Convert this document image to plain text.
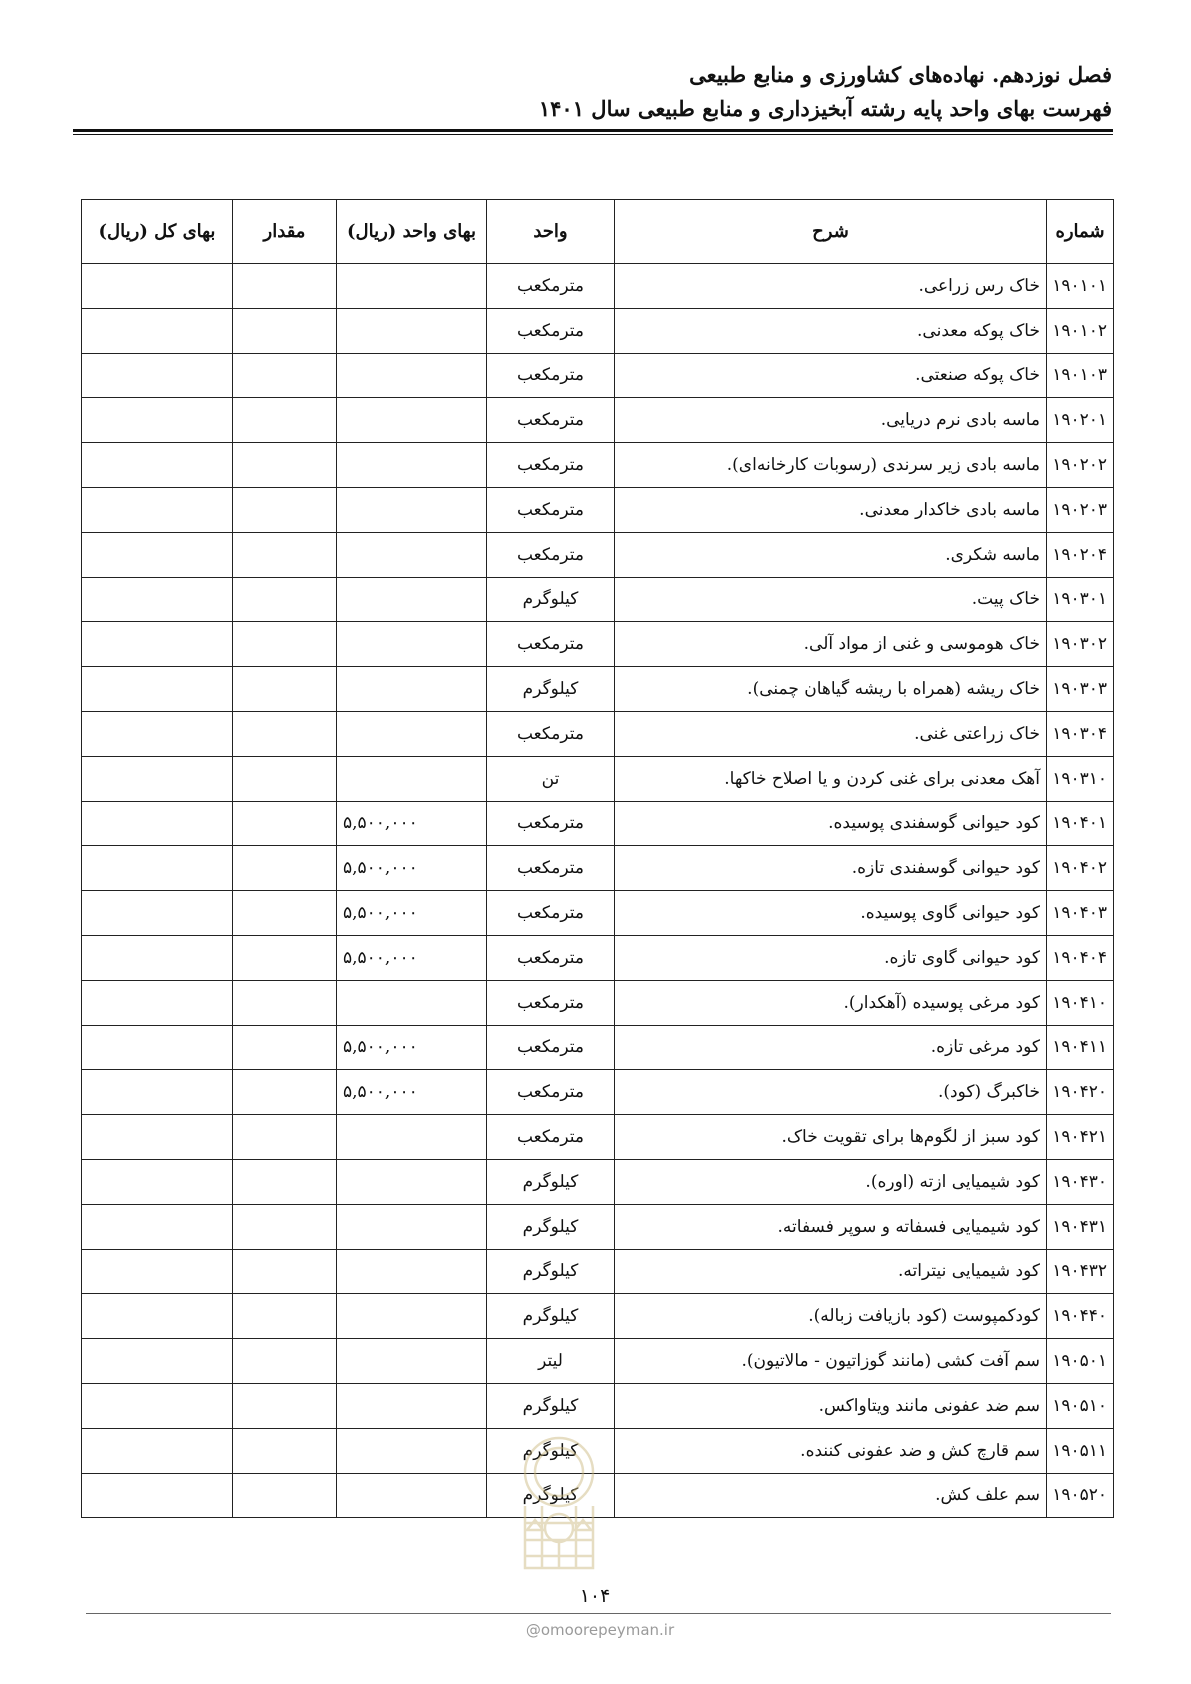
فصل نوزدهم. نهاده‌های کشاورزی و منابع طبیعی
فهرست بهای واحد پایه رشته آبخیزداری و منابع طبیعی سال ۱۴۰۱
شماره	شرح	واحد	بهای واحد (ریال)	مقدار	بهای کل (ریال)
۱۹۰۱۰۱	خاک رس زراعی.	مترمکعب			
۱۹۰۱۰۲	خاک پوکه معدنی.	مترمکعب			
۱۹۰۱۰۳	خاک پوکه صنعتی.	مترمکعب			
۱۹۰۲۰۱	ماسه بادی نرم دریایی.	مترمکعب			
۱۹۰۲۰۲	ماسه بادی زیر سرندی (رسوبات کارخانه‌ای).	مترمکعب			
۱۹۰۲۰۳	ماسه بادی خاکدار معدنی.	مترمکعب			
۱۹۰۲۰۴	ماسه شکری.	مترمکعب			
۱۹۰۳۰۱	خاک پیت.	کیلوگرم			
۱۹۰۳۰۲	خاک هوموسی و غنی از مواد آلی.	مترمکعب			
۱۹۰۳۰۳	خاک ریشه (همراه با ریشه گیاهان چمنی).	کیلوگرم			
۱۹۰۳۰۴	خاک زراعتی غنی.	مترمکعب			
۱۹۰۳۱۰	آهک معدنی برای غنی کردن و یا اصلاح خاکها.	تن			
۱۹۰۴۰۱	کود حیوانی گوسفندی پوسیده.	مترمکعب	۵,۵۰۰,۰۰۰		
۱۹۰۴۰۲	کود حیوانی گوسفندی تازه.	مترمکعب	۵,۵۰۰,۰۰۰		
۱۹۰۴۰۳	کود حیوانی گاوی پوسیده.	مترمکعب	۵,۵۰۰,۰۰۰		
۱۹۰۴۰۴	کود حیوانی گاوی تازه.	مترمکعب	۵,۵۰۰,۰۰۰		
۱۹۰۴۱۰	کود مرغی پوسیده (آهکدار).	مترمکعب			
۱۹۰۴۱۱	کود مرغی تازه.	مترمکعب	۵,۵۰۰,۰۰۰		
۱۹۰۴۲۰	خاکبرگ (کود).	مترمکعب	۵,۵۰۰,۰۰۰		
۱۹۰۴۲۱	کود سبز از لگوم‌ها برای تقویت خاک.	مترمکعب			
۱۹۰۴۳۰	کود شیمیایی ازته (اوره).	کیلوگرم			
۱۹۰۴۳۱	کود شیمیایی فسفاته و سوپر فسفاته.	کیلوگرم			
۱۹۰۴۳۲	کود شیمیایی نیتراته.	کیلوگرم			
۱۹۰۴۴۰	کودکمپوست (کود بازیافت زباله).	کیلوگرم			
۱۹۰۵۰۱	سم آفت کشی (مانند گوزاتیون - مالاتیون).	لیتر			
۱۹۰۵۱۰	سم ضد عفونی مانند ویتاواکس.	کیلوگرم			
۱۹۰۵۱۱	سم قارچ کش و ضد عفونی کننده.	کیلوگرم			
۱۹۰۵۲۰	سم علف کش.	کیلوگرم			
۱۰۴
@omoorepeyman.ir
